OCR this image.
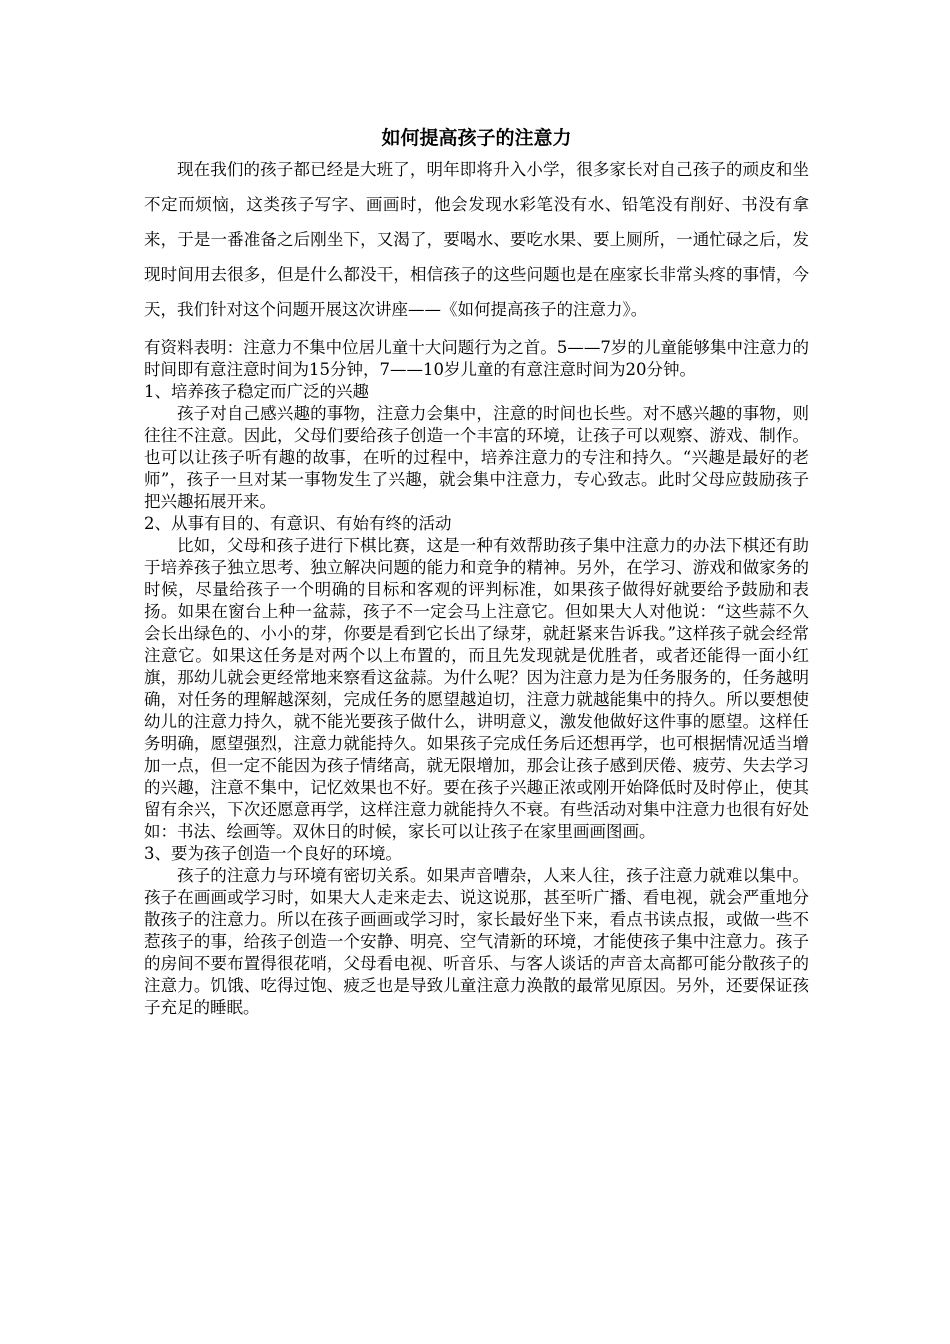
如何提高孩子的注意力

现在我们的孩子都已经是大班了，明年即将升入小学，很多家长对自己孩子的顽皮和坐不定而烦恼，这类孩子写字、画画时，他会发现水彩笔没有水、铅笔没有削好、书没有拿来，于是一番准备之后刚坐下，又渴了，要喝水、要吃水果、要上厕所，一通忙碌之后，发现时间用去很多，但是什么都没干，相信孩子的这些问题也是在座家长非常头疼的事情，今天，我们针对这个问题开展这次讲座——《如何提高孩子的注意力》。

有资料表明：注意力不集中位居儿童十大问题行为之首。5——7岁的儿童能够集中注意力的时间即有意注意时间为15分钟，7——10岁儿童的有意注意时间为20分钟。

1、培养孩子稳定而广泛的兴趣

孩子对自己感兴趣的事物，注意力会集中，注意的时间也长些。对不感兴趣的事物，则往往不注意。因此，父母们要给孩子创造一个丰富的环境，让孩子可以观察、游戏、制作。也可以让孩子听有趣的故事，在听的过程中，培养注意力的专注和持久。“兴趣是最好的老师”，孩子一旦对某一事物发生了兴趣，就会集中注意力，专心致志。此时父母应鼓励孩子把兴趣拓展开来。

2、从事有目的、有意识、有始有终的活动

比如，父母和孩子进行下棋比赛，这是一种有效帮助孩子集中注意力的办法下棋还有助于培养孩子独立思考、独立解决问题的能力和竞争的精神。另外，在学习、游戏和做家务的时候，尽量给孩子一个明确的目标和客观的评判标准，如果孩子做得好就要给予鼓励和表扬。如果在窗台上种一盆蒜，孩子不一定会马上注意它。但如果大人对他说：“这些蒜不久会长出绿色的、小小的芽，你要是看到它长出了绿芽，就赶紧来告诉我。”这样孩子就会经常注意它。如果这任务是对两个以上布置的，而且先发现就是优胜者，或者还能得一面小红旗，那幼儿就会更经常地来察看这盆蒜。为什么呢？因为注意力是为任务服务的，任务越明确，对任务的理解越深刻，完成任务的愿望越迫切，注意力就越能集中的持久。所以要想使幼儿的注意力持久，就不能光要孩子做什么，讲明意义，激发他做好这件事的愿望。这样任务明确，愿望强烈，注意力就能持久。如果孩子完成任务后还想再学，也可根据情况适当增加一点，但一定不能因为孩子情绪高，就无限增加，那会让孩子感到厌倦、疲劳、失去学习的兴趣，注意不集中，记忆效果也不好。要在孩子兴趣正浓或刚开始降低时及时停止，使其留有余兴，下次还愿意再学，这样注意力就能持久不衰。有些活动对集中注意力也很有好处如：书法、绘画等。双休日的时候，家长可以让孩子在家里画画图画。

3、要为孩子创造一个良好的环境。

孩子的注意力与环境有密切关系。如果声音嘈杂，人来人往，孩子注意力就难以集中。孩子在画画或学习时，如果大人走来走去、说这说那，甚至听广播、看电视，就会严重地分散孩子的注意力。所以在孩子画画或学习时，家长最好坐下来，看点书读点报，或做一些不惹孩子的事，给孩子创造一个安静、明亮、空气清新的环境，才能使孩子集中注意力。孩子的房间不要布置得很花哨，父母看电视、听音乐、与客人谈话的声音太高都可能分散孩子的注意力。饥饿、吃得过饱、疲乏也是导致儿童注意力涣散的最常见原因。另外，还要保证孩子充足的睡眠。
